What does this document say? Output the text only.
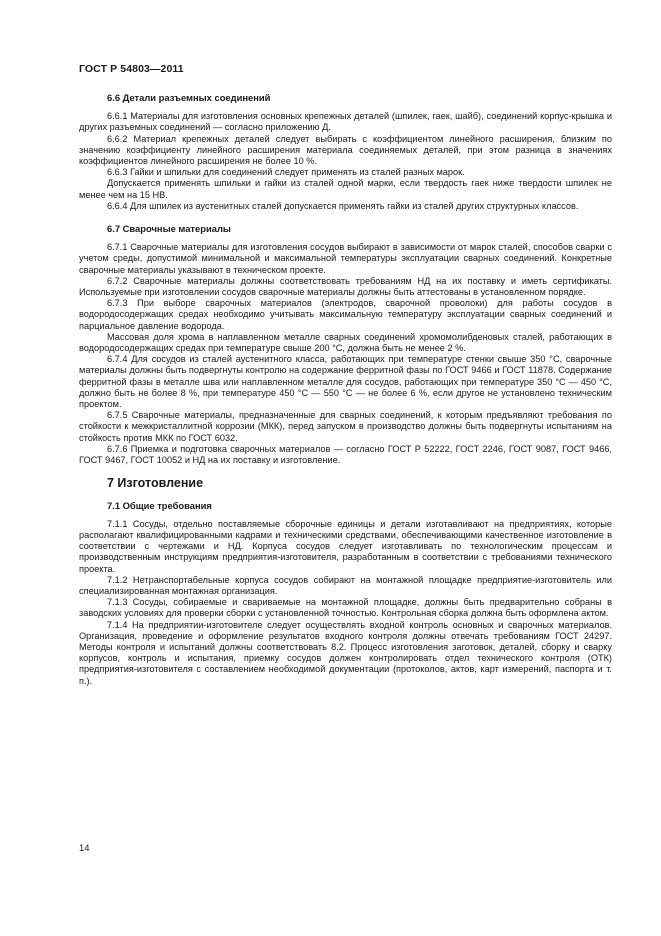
ГОСТ Р 54803—2011
6.6 Детали разъемных соединений

6.6.1 Материалы для изготовления основных крепежных деталей (шпилек, гаек, шайб), соединений корпус-крышка и других разъемных соединений — согласно приложению Д.

6.6.2 Материал крепежных деталей следует выбирать с коэффициентом линейного расширения, близким по значению коэффициенту линейного расширения материала соединяемых деталей, при этом разница в значениях коэффициентов линейного расширения не более 10 %.

6.6.3 Гайки и шпильки для соединений следует применять из сталей разных марок.

Допускается применять шпильки и гайки из сталей одной марки, если твердость гаек ниже твердости шпилек не менее чем на 15 НВ.

6.6.4 Для шпилек из аустенитных сталей допускается применять гайки из сталей других структурных классов.

6.7 Сварочные материалы

6.7.1 Сварочные материалы для изготовления сосудов выбирают в зависимости от марок сталей, способов сварки с учетом среды, допустимой минимальной и максимальной температуры эксплуатации сварных соединений. Конкретные сварочные материалы указывают в техническом проекте.

6.7.2 Сварочные материалы должны соответствовать требованиям НД на их поставку и иметь сертификаты. Используемые при изготовлении сосудов сварочные материалы должны быть аттестованы в установленном порядке.

6.7.3 При выборе сварочных материалов (электродов, сварочной проволоки) для работы сосудов в водородосодержащих средах необходимо учитывать максимальную температуру эксплуатации сварных соединений и парциальное давление водорода.

Массовая доля хрома в наплавленном металле сварных соединений хромомолибденовых сталей, работающих в водородосодержащих средах при температуре свыше 200 °С, должна быть не менее 2 %.

6.7.4 Для сосудов из сталей аустенитного класса, работающих при температуре стенки свыше 350 °С, сварочные материалы должны быть подвергнуты контролю на содержание ферритной фазы по ГОСТ 9466 и ГОСТ 11878. Содержание ферритной фазы в металле шва или наплавленном металле для сосудов, работающих при температуре 350 °С — 450 °С, должно быть не более 8 %, при температуре 450 °С — 550 °С — не более 6 %, если другое не установлено техническим проектом.

6.7.5 Сварочные материалы, предназначенные для сварных соединений, к которым предъявляют требования по стойкости к межкристаллитной коррозии (МКК), перед запуском в производство должны быть подвергнуты испытаниям на стойкость против МКК по ГОСТ 6032.

6.7.6 Приемка и подготовка сварочных материалов — согласно ГОСТ Р 52222, ГОСТ 2246, ГОСТ 9087, ГОСТ 9466, ГОСТ 9467, ГОСТ 10052 и НД на их поставку и изготовление.

7 Изготовление
7.1 Общие требования

7.1.1 Сосуды, отдельно поставляемые сборочные единицы и детали изготавливают на предприятиях, которые располагают квалифицированными кадрами и техническими средствами, обеспечивающими качественное изготовление в соответствии с чертежами и НД. Корпуса сосудов следует изготавливать по технологическим процессам и производственным инструкциям предприятия-изготовителя, разработанным в соответствии с требованиями технического проекта.

7.1.2 Нетранспортабельные корпуса сосудов собирают на монтажной площадке предприятие-изготовитель или специализированная монтажная организация.

7.1.3 Сосуды, собираемые и свариваемые на монтажной площадке, должны быть предварительно собраны в заводских условиях для проверки сборки с установленной точностью. Контрольная сборка должна быть оформлена актом.

7.1.4 На предприятии-изготовителе следует осуществлять входной контроль основных и сварочных материалов. Организация, проведение и оформление результатов входного контроля должны отвечать требованиям ГОСТ 24297. Методы контроля и испытаний должны соответствовать 8.2. Процесс изготовления заготовок, деталей, сборку и сварку корпусов, контроль и испытания, приемку сосудов должен контролировать отдел технического контроля (ОТК) предприятия-изготовителя с составлением необходимой документации (протоколов, актов, карт измерений, паспорта и т. п.).

14
